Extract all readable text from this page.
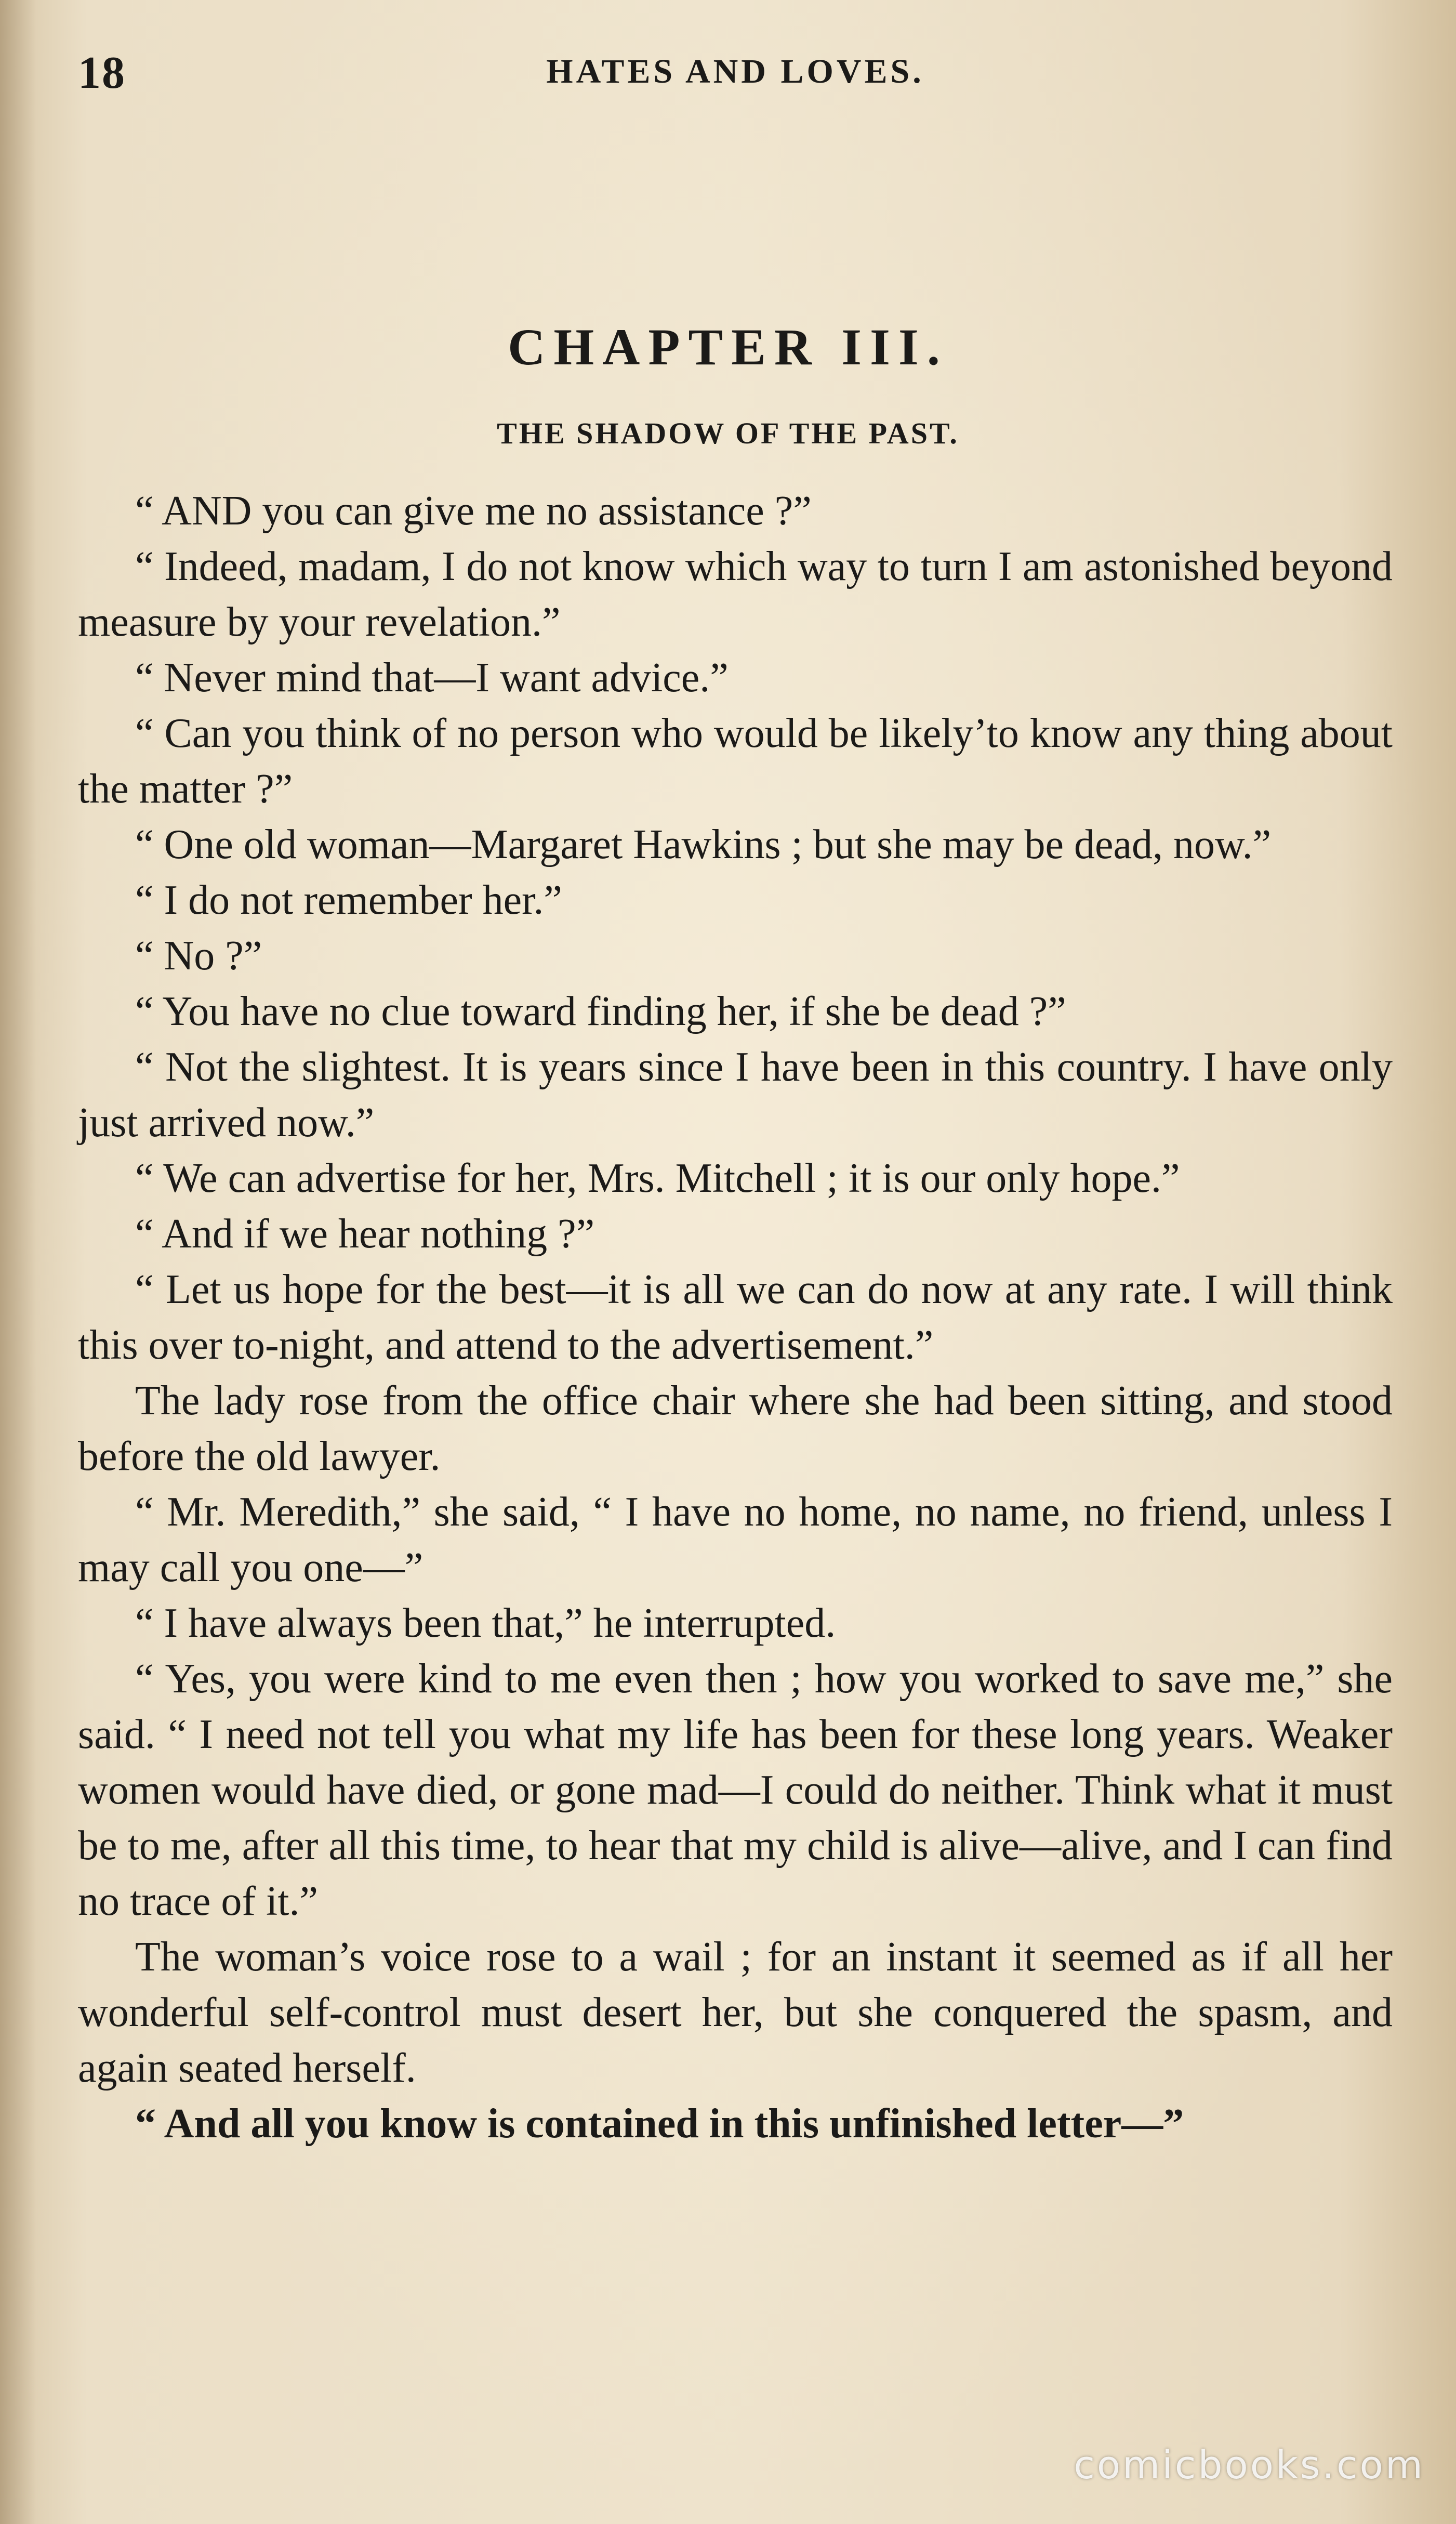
18	HATES AND LOVES.
CHAPTER III.
THE SHADOW OF THE PAST.

“ AND you can give me no assistance ?”

“ Indeed, madam, I do not know which way to turn I am astonished beyond measure by your revelation.”

“ Never mind that—I want advice.”

“ Can you think of no person who would be likely’to know any thing about the matter ?”

“ One old woman—Margaret Hawkins ; but she may be dead, now.”

“ I do not remember her.”

“ No ?”

“ You have no clue toward finding her, if she be dead ?”

“ Not the slightest. It is years since I have been in this country. I have only just arrived now.”

“ We can advertise for her, Mrs. Mitchell ; it is our only hope.”

“ And if we hear nothing ?”

“ Let us hope for the best—it is all we can do now at any rate. I will think this over to-night, and attend to the advertisement.”

The lady rose from the office chair where she had been sitting, and stood before the old lawyer.

“ Mr. Meredith,” she said, “ I have no home, no name, no friend, unless I may call you one—”

“ I have always been that,” he interrupted.

“ Yes, you were kind to me even then ; how you worked to save me,” she said. “ I need not tell you what my life has been for these long years. Weaker women would have died, or gone mad—I could do neither. Think what it must be to me, after all this time, to hear that my child is alive—alive, and I can find no trace of it.”

The woman’s voice rose to a wail ; for an instant it seemed as if all her wonderful self-control must desert her, but she conquered the spasm, and again seated herself.

“ And all you know is contained in this unfinished letter—”

comicbooks.com
